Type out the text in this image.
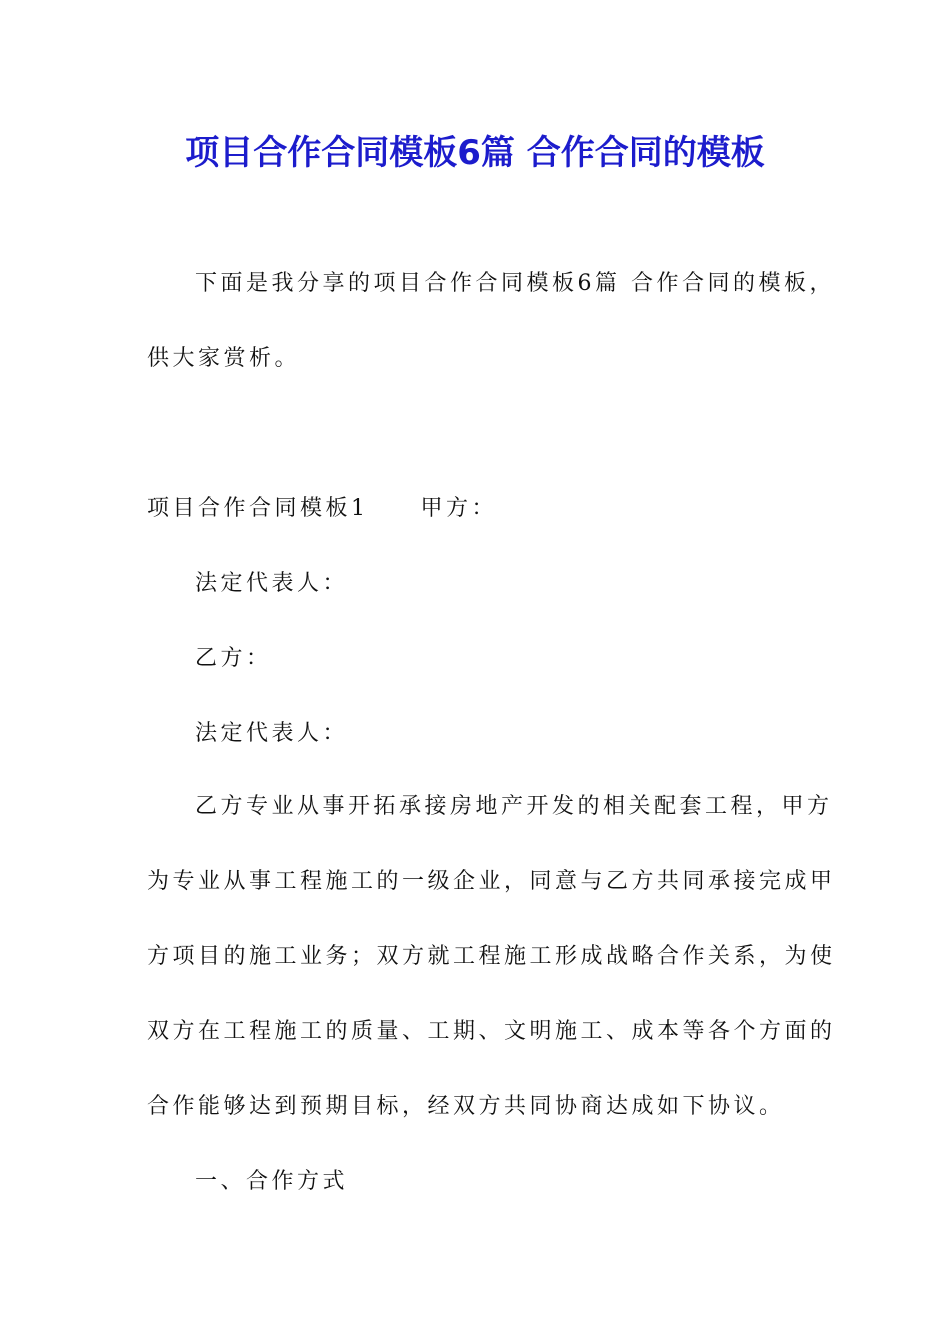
项目合作合同模板6篇 合作合同的模板

下面是我分享的项目合作合同模板6篇 合作合同的模板，

供大家赏析。

项目合作合同模板1 甲方：

法定代表人：

乙方：

法定代表人：

乙方专业从事开拓承接房地产开发的相关配套工程，甲方

为专业从事工程施工的一级企业，同意与乙方共同承接完成甲

方项目的施工业务；双方就工程施工形成战略合作关系，为使

双方在工程施工的质量、工期、文明施工、成本等各个方面的

合作能够达到预期目标，经双方共同协商达成如下协议。

一、合作方式
